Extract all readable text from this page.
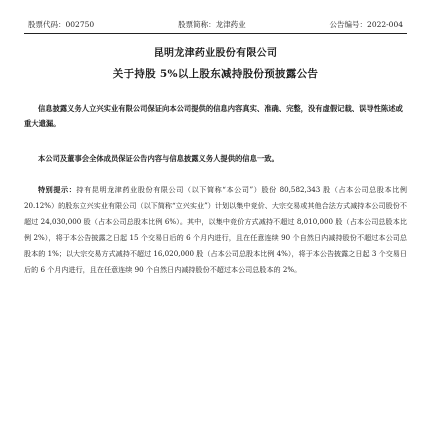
股票代码：002750	股票简称：龙津药业	公告编号：2022-004

昆明龙津药业股份有限公司

关于持股 5%以上股东减持股份预披露公告

信息披露义务人立兴实业有限公司保证向本公司提供的信息内容真实、准确、完整，没有虚假记载、误导性陈述或重大遗漏。

本公司及董事会全体成员保证公告内容与信息披露义务人提供的信息一致。

特别提示：持有昆明龙津药业股份有限公司（以下简称“本公司”）股份 80,582,343 股（占本公司总股本比例 20.12%）的股东立兴实业有限公司（以下简称“立兴实业”）计划以集中竞价、大宗交易或其他合法方式减持本公司股份不超过 24,030,000 股（占本公司总股本比例 6%）。其中，以集中竞价方式减持不超过 8,010,000 股（占本公司总股本比例 2%），将于本公告披露之日起 15 个交易日后的 6 个月内进行，且在任意连续 90 个自然日内减持股份不超过本公司总股本的 1%；以大宗交易方式减持不超过 16,020,000 股（占本公司总股本比例 4%），将于本公告披露之日起 3 个交易日后的 6 个月内进行，且在任意连续 90 个自然日内减持股份不超过本公司总股本的 2%。
